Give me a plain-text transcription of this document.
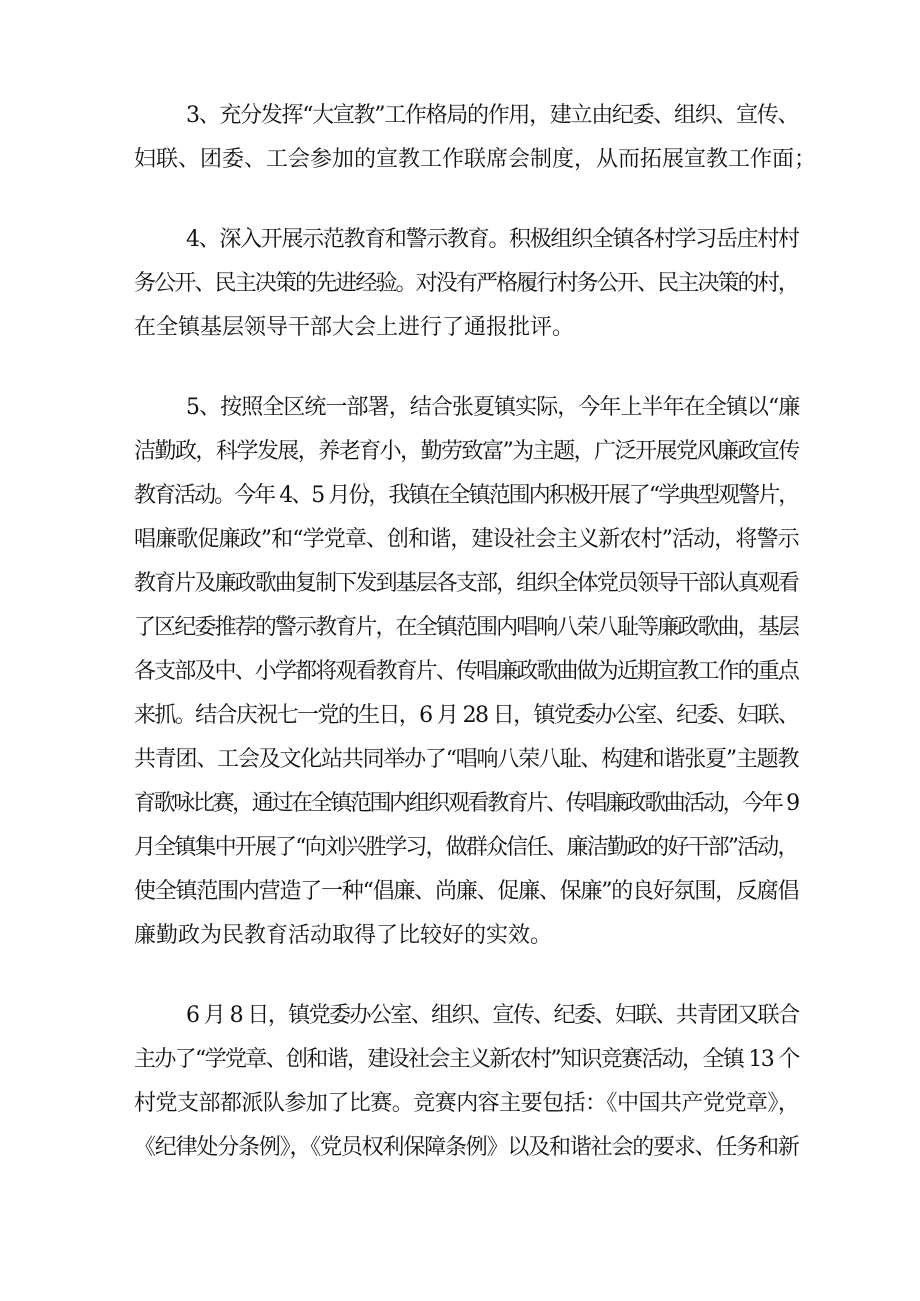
3、充分发挥“大宣教”工作格局的作用，建立由纪委、组织、宣传、

妇联、团委、工会参加的宣教工作联席会制度，从而拓展宣教工作面；

4、深入开展示范教育和警示教育。积极组织全镇各村学习岳庄村村

务公开、民主决策的先进经验。对没有严格履行村务公开、民主决策的村，

在全镇基层领导干部大会上进行了通报批评。

5、按照全区统一部署，结合张夏镇实际，今年上半年在全镇以“廉

洁勤政，科学发展，养老育小，勤劳致富”为主题，广泛开展党风廉政宣传

教育活动。今年 4、5 月份，我镇在全镇范围内积极开展了“学典型观警片，

唱廉歌促廉政”和“学党章、创和谐，建设社会主义新农村”活动，将警示

教育片及廉政歌曲复制下发到基层各支部，组织全体党员领导干部认真观看

了区纪委推荐的警示教育片，在全镇范围内唱响八荣八耻等廉政歌曲，基层

各支部及中、小学都将观看教育片、传唱廉政歌曲做为近期宣教工作的重点

来抓。结合庆祝七一党的生日，6 月 28 日，镇党委办公室、纪委、妇联、

共青团、工会及文化站共同举办了“唱响八荣八耻、构建和谐张夏”主题教

育歌咏比赛，通过在全镇范围内组织观看教育片、传唱廉政歌曲活动，今年 9

月全镇集中开展了“向刘兴胜学习，做群众信任、廉洁勤政的好干部”活动，

使全镇范围内营造了一种“倡廉、尚廉、促廉、保廉”的良好氛围，反腐倡

廉勤政为民教育活动取得了比较好的实效。

6 月 8 日，镇党委办公室、组织、宣传、纪委、妇联、共青团又联合

主办了“学党章、创和谐，建设社会主义新农村”知识竞赛活动，全镇 13 个

村党支部都派队参加了比赛。竞赛内容主要包括：《中国共产党党章》，

《纪律处分条例》，《党员权利保障条例》以及和谐社会的要求、任务和新
